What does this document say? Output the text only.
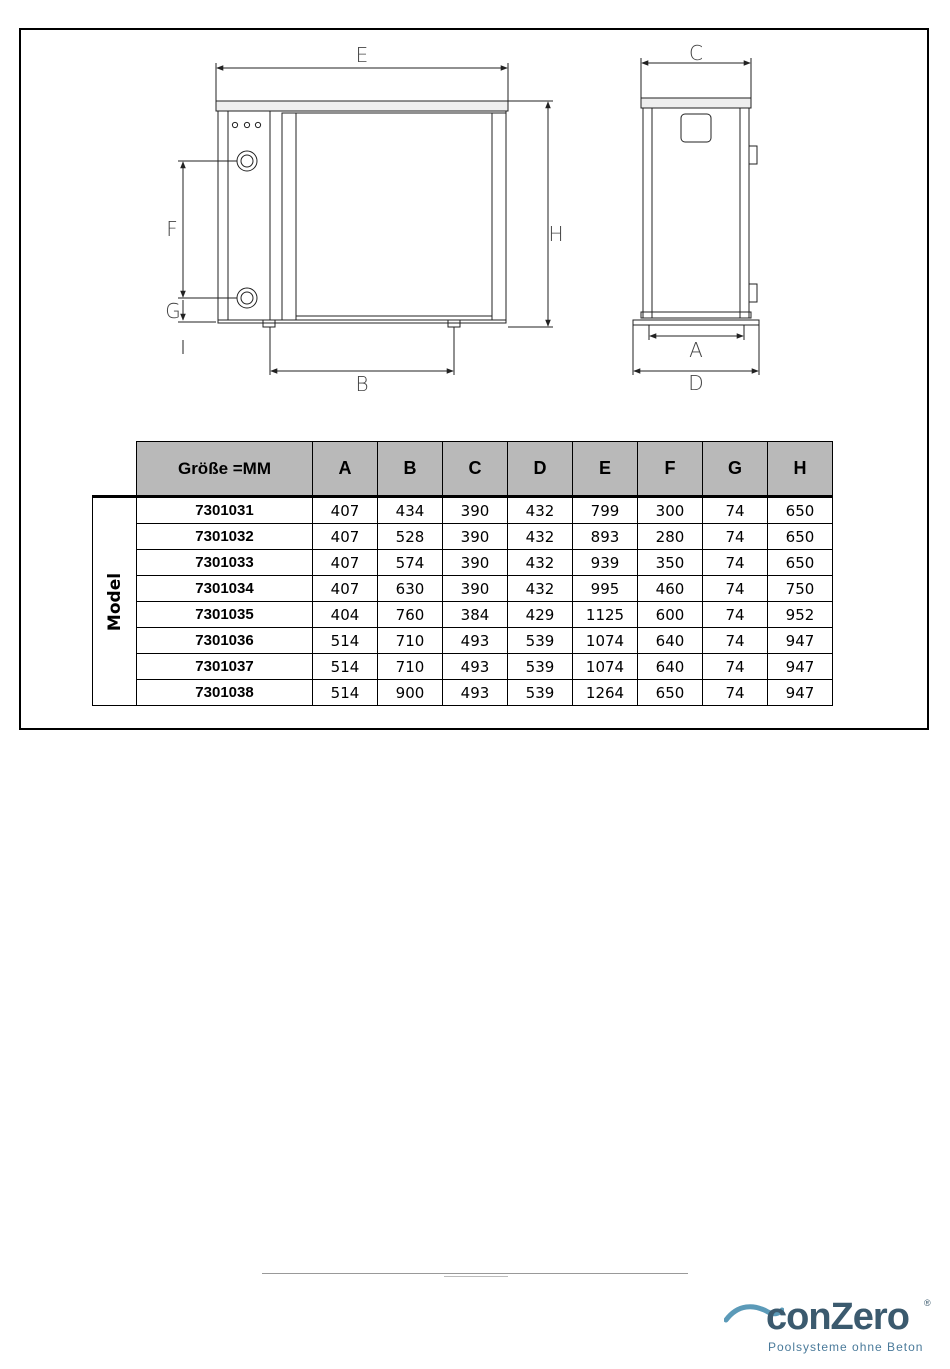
E
H
F
G
B
C
A
D
	Größe =MM	A	B	C	D	E	F	G	H

Model	7301031	407	434	390	432	799	300	74	650
	7301032	407	528	390	432	893	280	74	650
	7301033	407	574	390	432	939	350	74	650
	7301034	407	630	390	432	995	460	74	750
	7301035	404	760	384	429	1125	600	74	952
	7301036	514	710	493	539	1074	640	74	947
	7301037	514	710	493	539	1074	640	74	947
	7301038	514	900	493	539	1264	650	74	947
conZero ®
Poolsysteme ohne Beton
